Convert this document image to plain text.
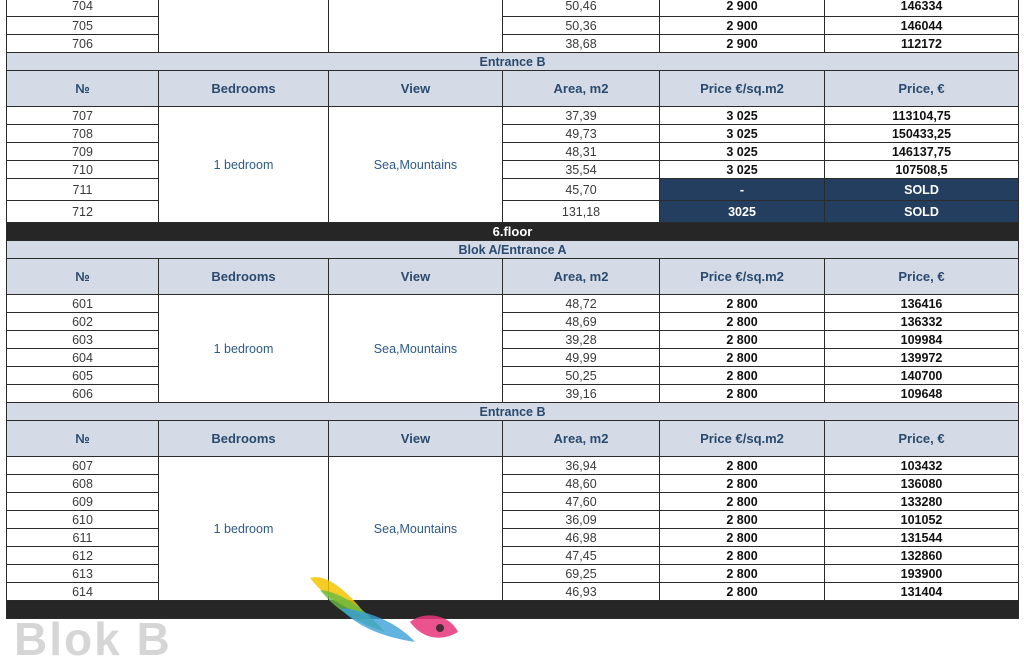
704			50,46	2 900	146334
705			50,36	2 900	146044
706			38,68	2 900	112172
Entrance B					
№	Bedrooms	View	Area, m2	Price €/sq.m2	Price, €
707	1 bedroom	Sea,Mountains	37,39	3 025	113104,75
708			49,73	3 025	150433,25
709			48,31	3 025	146137,75
710			35,54	3 025	107508,5
711			45,70	-	SOLD
712			131,18	3025	SOLD
6.floor					
Blok A/Entrance A					
№	Bedrooms	View	Area, m2	Price €/sq.m2	Price, €
601	1 bedroom	Sea,Mountains	48,72	2 800	136416
602			48,69	2 800	136332
603			39,28	2 800	109984
604			49,99	2 800	139972
605			50,25	2 800	140700
606			39,16	2 800	109648
Entrance B					
№	Bedrooms	View	Area, m2	Price €/sq.m2	Price, €
607	1 bedroom	Sea,Mountains	36,94	2 800	103432
608			48,60	2 800	136080
609			47,60	2 800	133280
610			36,09	2 800	101052
611			46,98	2 800	131544
612			47,45	2 800	132860
613			69,25	2 800	193900
614			46,93	2 800	131404

Blok B
